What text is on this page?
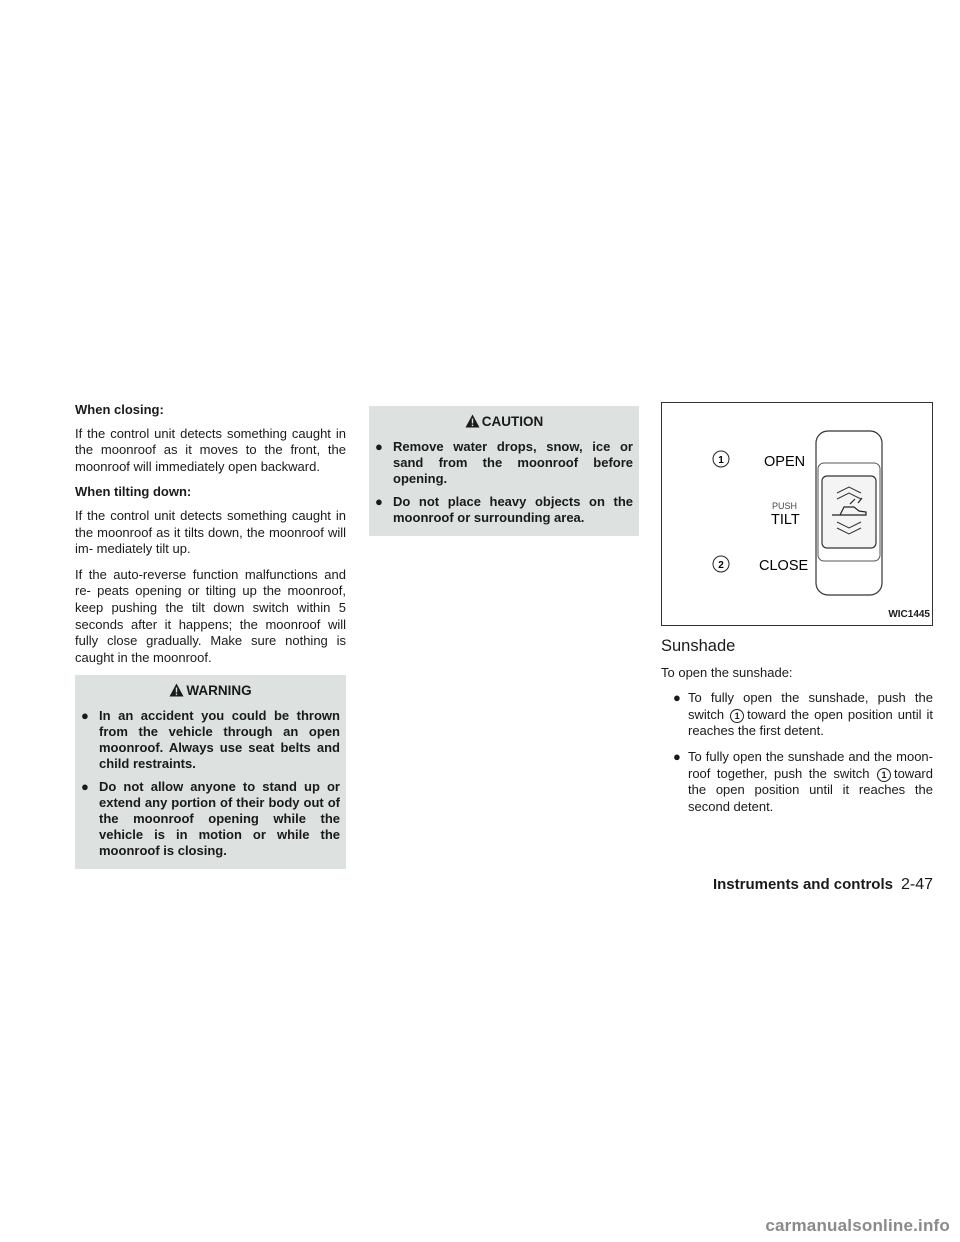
When closing:

If the control unit detects something caught in the moonroof as it moves to the front, the moonroof will immediately open backward.

When tilting down:

If the control unit detects something caught in the moonroof as it tilts down, the moonroof will im- mediately tilt up.

If the auto-reverse function malfunctions and re- peats opening or tilting up the moonroof, keep pushing the tilt down switch within 5 seconds after it happens; the moonroof will fully close gradually. Make sure nothing is caught in the moonroof.

WARNING
● In an accident you could be thrown from the vehicle through an open moonroof. Always use seat belts and child restraints.
● Do not allow anyone to stand up or extend any portion of their body out of the moonroof opening while the vehicle is in motion or while the moonroof is closing.
CAUTION
● Remove water drops, snow, ice or sand from the moonroof before opening.
● Do not place heavy objects on the moonroof or surrounding area.
1
2
OPEN
PUSH
TILT
CLOSE
WIC1445
Sunshade

To open the sunshade:

● To fully open the sunshade, push the switch 1 toward the open position until it reaches the first detent.
● To fully open the sunshade and the moon- roof together, push the switch 1 toward the open position until it reaches the second detent.
Instruments and controls 2-47
carmanualsonline.info
